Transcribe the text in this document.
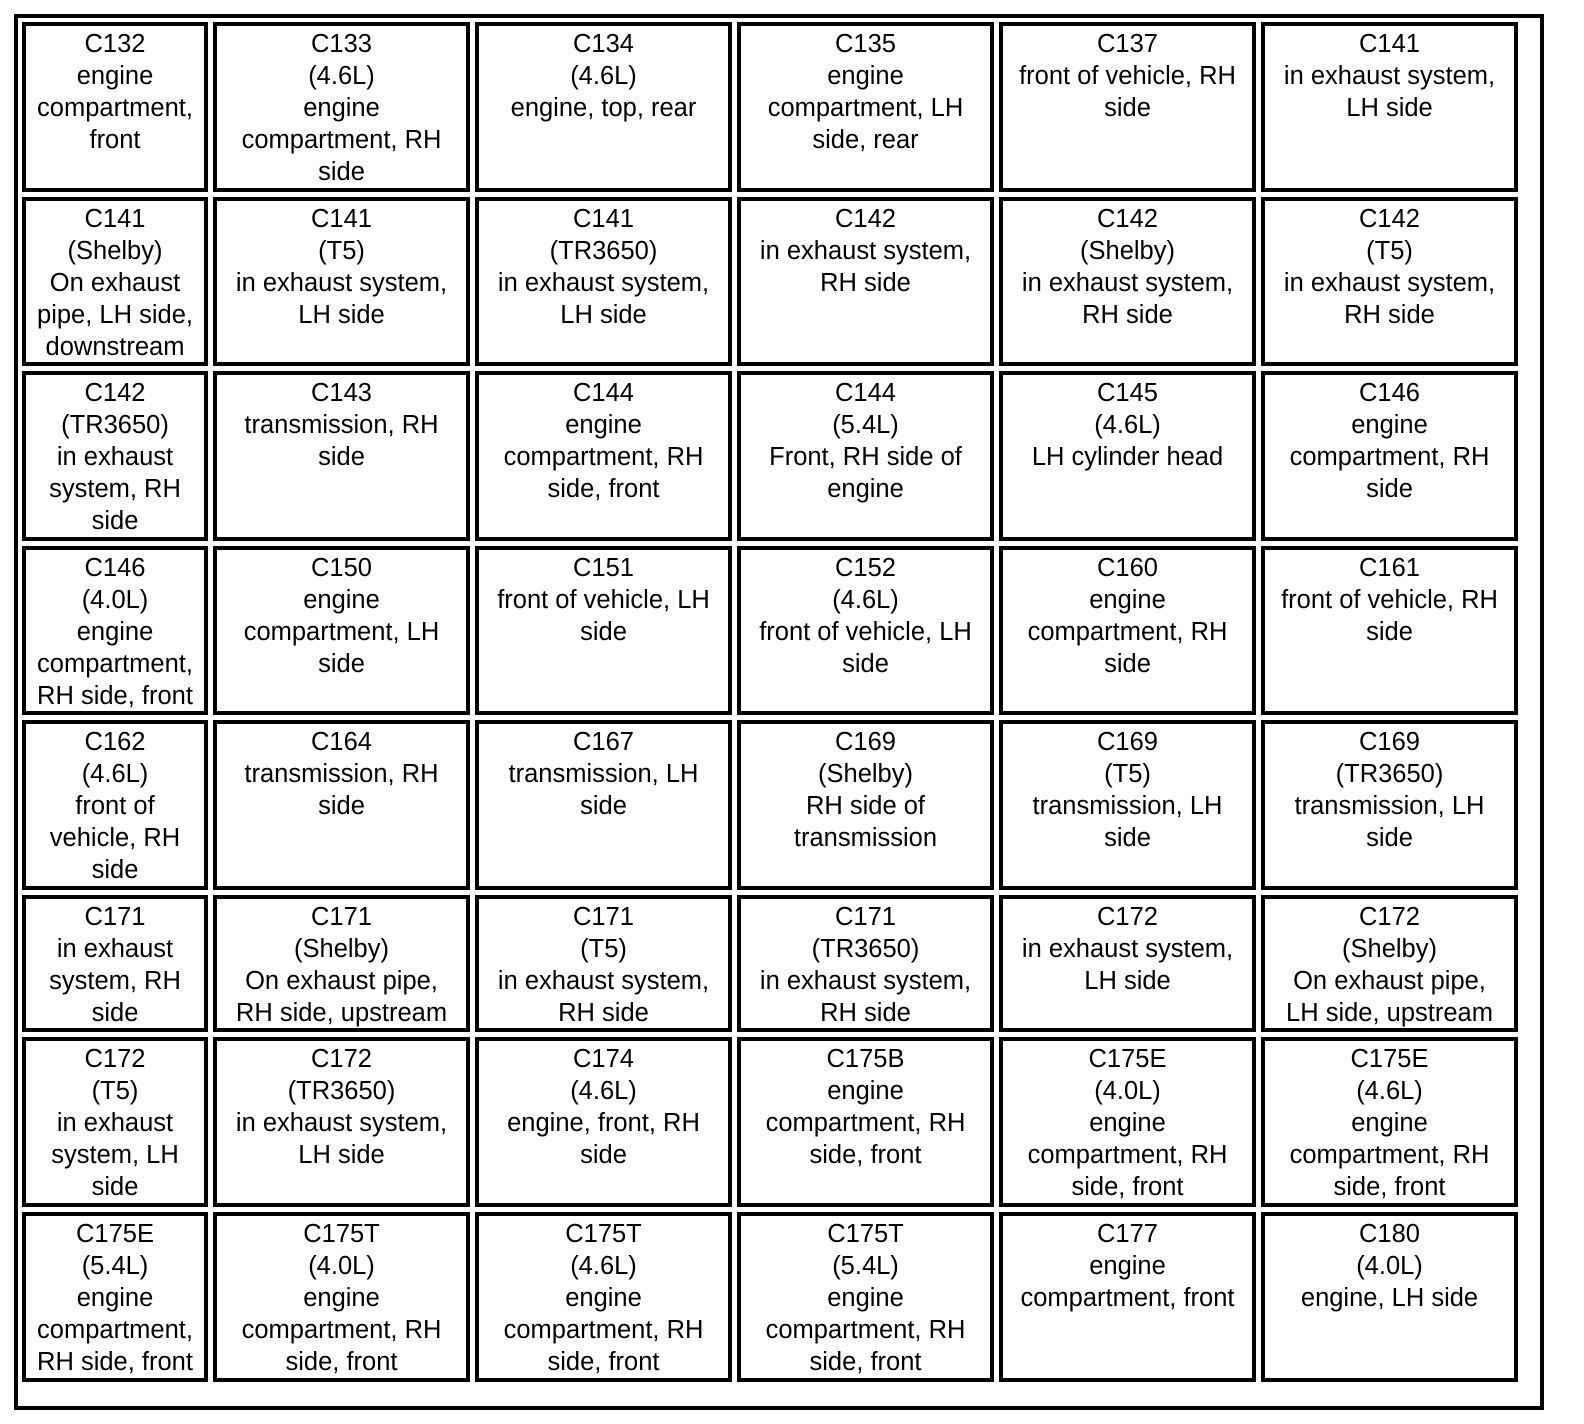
C132
engine
compartment,
front
C133
(4.6L)
engine
compartment, RH
side
C134
(4.6L)
engine, top, rear
C135
engine
compartment, LH
side, rear
C137
front of vehicle, RH
side
C141
in exhaust system,
LH side
C141
(Shelby)
On exhaust
pipe, LH side,
downstream
C141
(T5)
in exhaust system,
LH side
C141
(TR3650)
in exhaust system,
LH side
C142
in exhaust system,
RH side
C142
(Shelby)
in exhaust system,
RH side
C142
(T5)
in exhaust system,
RH side
C142
(TR3650)
in exhaust
system, RH
side
C143
transmission, RH
side
C144
engine
compartment, RH
side, front
C144
(5.4L)
Front, RH side of
engine
C145
(4.6L)
LH cylinder head
C146
engine
compartment, RH
side
C146
(4.0L)
engine
compartment,
RH side, front
C150
engine
compartment, LH
side
C151
front of vehicle, LH
side
C152
(4.6L)
front of vehicle, LH
side
C160
engine
compartment, RH
side
C161
front of vehicle, RH
side
C162
(4.6L)
front of
vehicle, RH
side
C164
transmission, RH
side
C167
transmission, LH
side
C169
(Shelby)
RH side of
transmission
C169
(T5)
transmission, LH
side
C169
(TR3650)
transmission, LH
side
C171
in exhaust
system, RH
side
C171
(Shelby)
On exhaust pipe,
RH side, upstream
C171
(T5)
in exhaust system,
RH side
C171
(TR3650)
in exhaust system,
RH side
C172
in exhaust system,
LH side
C172
(Shelby)
On exhaust pipe,
LH side, upstream
C172
(T5)
in exhaust
system, LH
side
C172
(TR3650)
in exhaust system,
LH side
C174
(4.6L)
engine, front, RH
side
C175B
engine
compartment, RH
side, front
C175E
(4.0L)
engine
compartment, RH
side, front
C175E
(4.6L)
engine
compartment, RH
side, front
C175E
(5.4L)
engine
compartment,
RH side, front
C175T
(4.0L)
engine
compartment, RH
side, front
C175T
(4.6L)
engine
compartment, RH
side, front
C175T
(5.4L)
engine
compartment, RH
side, front
C177
engine
compartment, front
C180
(4.0L)
engine, LH side
